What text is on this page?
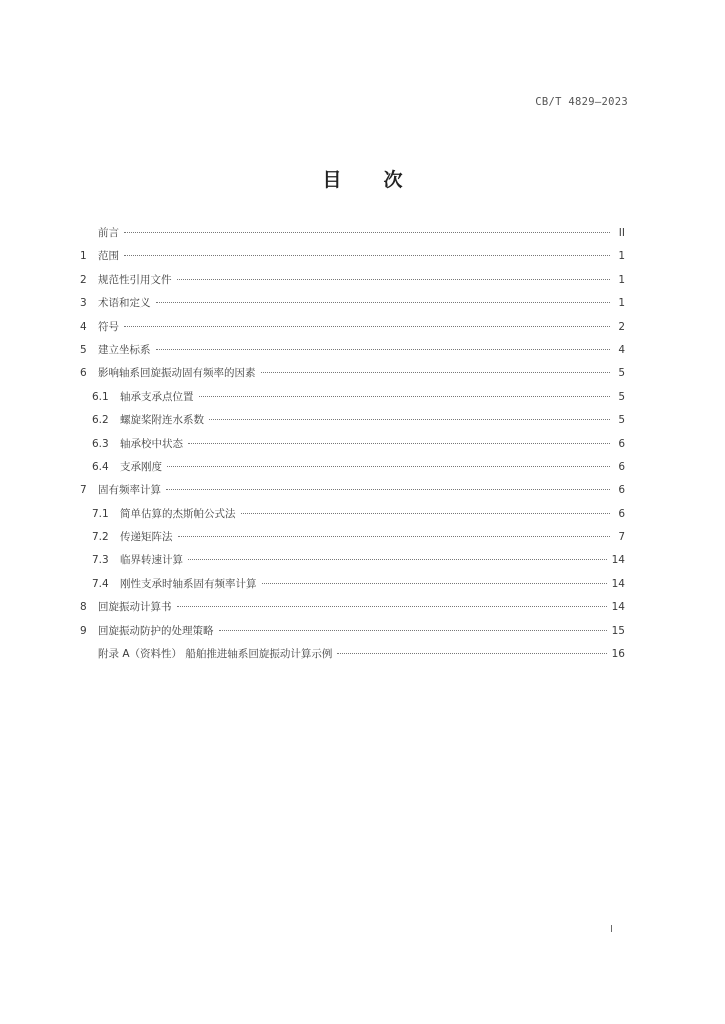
CB/T 4829—2023
目 次
前言	II
1	范围	1
2	规范性引用文件	1
3	术语和定义	1
4	符号	2
5	建立坐标系	4
6	影响轴系回旋振动固有频率的因素	5
6.1	轴承支承点位置	5
6.2	螺旋桨附连水系数	5
6.3	轴承校中状态	6
6.4	支承刚度	6
7	固有频率计算	6
7.1	简单估算的杰斯帕公式法	6
7.2	传递矩阵法	7
7.3	临界转速计算	14
7.4	刚性支承时轴系固有频率计算	14
8	回旋振动计算书	14
9	回旋振动防护的处理策略	15
附录 A（资料性） 船舶推进轴系回旋振动计算示例	16
I
